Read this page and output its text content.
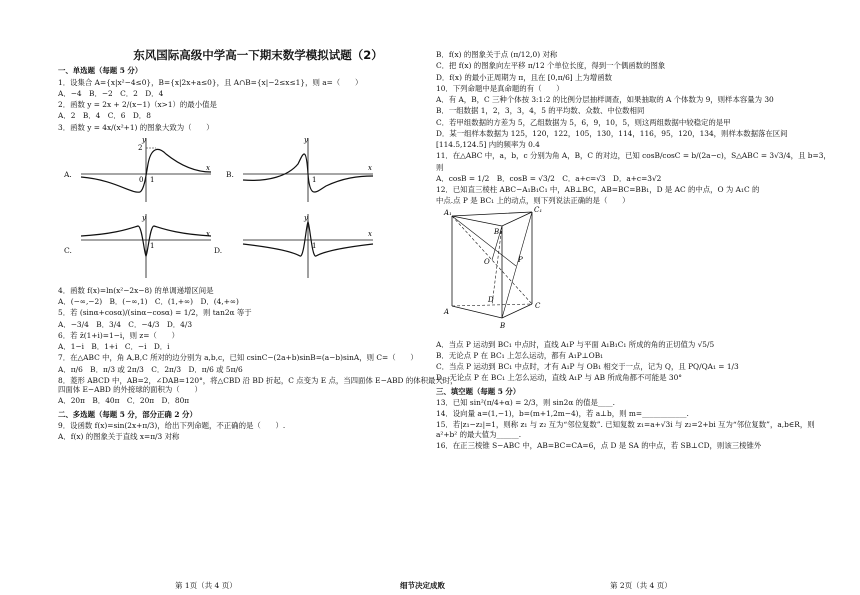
东风国际高级中学高一下期末数学模拟试题（2）
一、单选题（每题 5 分）
1．设集合 A={x|x²−4≤0}，B={x|2x+a≤0}，且 A∩B={x|−2≤x≤1}，则 a=（　　）
A．−4　B．−2　C．2　D．4
2．函数 y = 2x + 2/(x−1)（x>1）的最小值是
A．2　B．4　C．6　D．8
3．函数 y = 4x/(x²+1) 的图象大致为（　　）
A.
2
1
0
y
x
B.
y
x
1
C.
y
x
1	D.
y
x
1
4．函数 f(x)=ln(x²−2x−8) 的单调递增区间是
A．(−∞,−2)　B．(−∞,1)　C．(1,+∞)　D．(4,+∞)
5．若 (sinα+cosα)/(sinα−cosα) = 1/2，则 tan2α 等于
A．−3/4　B．3/4　C．−4/3　D．4/3
6．若 z̄(1+i)=1−i，则 z=（　　）
A．1−i　B．1+i　C．−i　D．i
7．在△ABC 中，角 A,B,C 所对的边分别为 a,b,c，已知 csinC−(2a+b)sinB=(a−b)sinA，则 C=（　　）
A．π/6　B．π/3 或 2π/3　C．2π/3　D．π/6 或 5π/6
8．菱形 ABCD 中，AB=2，∠DAB=120°，将△CBD 沿 BD 折起，C 点变为 E 点，当四面体 E−ABD 的体积最大时，四面体 E−ABD 的外接球的面积为（　　）
A．20π　B．40π　C．20π　D．80π
二、多选题（每题 5 分，部分正确 2 分）
9．设函数 f(x)=sin(2x+π/3)，给出下列命题，不正确的是（　　）.
A．f(x) 的图象关于直线 x=π/3 对称
B．f(x) 的图象关于点 (π/12,0) 对称
C．把 f(x) 的图象向左平移 π/12 个单位长度，得到一个偶函数的图象
D．f(x) 的最小正周期为 π，且在 [0,π/6] 上为增函数
10．下列命题中是真命题的有（　　）
A．有 A，B，C 三种个体按 3:1:2 的比例分层抽样调查，如果抽取的 A 个体数为 9，则样本容量为 30
B．一组数据 1，2，3，3，4，5 的平均数、众数、中位数相同
C．若甲组数据的方差为 5，乙组数据为 5，6，9，10，5，则这两组数据中较稳定的是甲
D．某一组样本数据为 125，120，122，105，130，114，116，95，120，134，则样本数据落在区间
[114.5,124.5] 内的频率为 0.4
11．在△ABC 中，a，b，c 分别为角 A，B，C 的对边，已知 cosB/cosC = b/(2a−c)，S△ABC = 3√3/4，且 b=3，
则
A．cosB = 1/2　B．cosB = √3/2　C．a+c=√3　D．a+c=3√2
12．已知直三棱柱 ABC−A₁B₁C₁ 中，AB⊥BC，AB=BC=BB₁，D 是 AC 的中点，O 为 A₁C 的
中点.点 P 是 BC₁ 上的动点，则下列说法正确的是（　　）
A₁
B₁
C₁
A
B
C
D
O	P
A．当点 P 运动到 BC₁ 中点时，直线 A₁P 与平面 A₁B₁C₁ 所成的角的正切值为 √5/5
B．无论点 P 在 BC₁ 上怎么运动，都有 A₁P⊥OB₁
C．当点 P 运动到 BC₁ 中点时，才有 A₁P 与 OB₁ 相交于一点，记为 Q，且 PQ/QA₁ = 1/3
D．无论点 P 在 BC₁ 上怎么运动，直线 A₁P 与 AB 所成角都不可能是 30°
三、填空题（每题 5 分）
13．已知 sin²(π/4+α) = 2/3，则 sin2α 的值是____.
14．设向量 a=(1,−1)，b=(m+1,2m−4)，若 a⊥b，则 m=____________.
15．若|z₁−z₂|=1，则称 z₁ 与 z₂ 互为“邻位复数”. 已知复数 z₁=a+√3i 与 z₂=2+bi 互为“邻位复数”，a,b∈R，则 a²+b² 的最大值为______.
16．在正三棱锥 S−ABC 中，AB=BC=CA=6，点 D 是 SA 的中点，若 SB⊥CD，则该三棱锥外
第 1页（共 4 页）	细节决定成败	第 2页（共 4 页）
